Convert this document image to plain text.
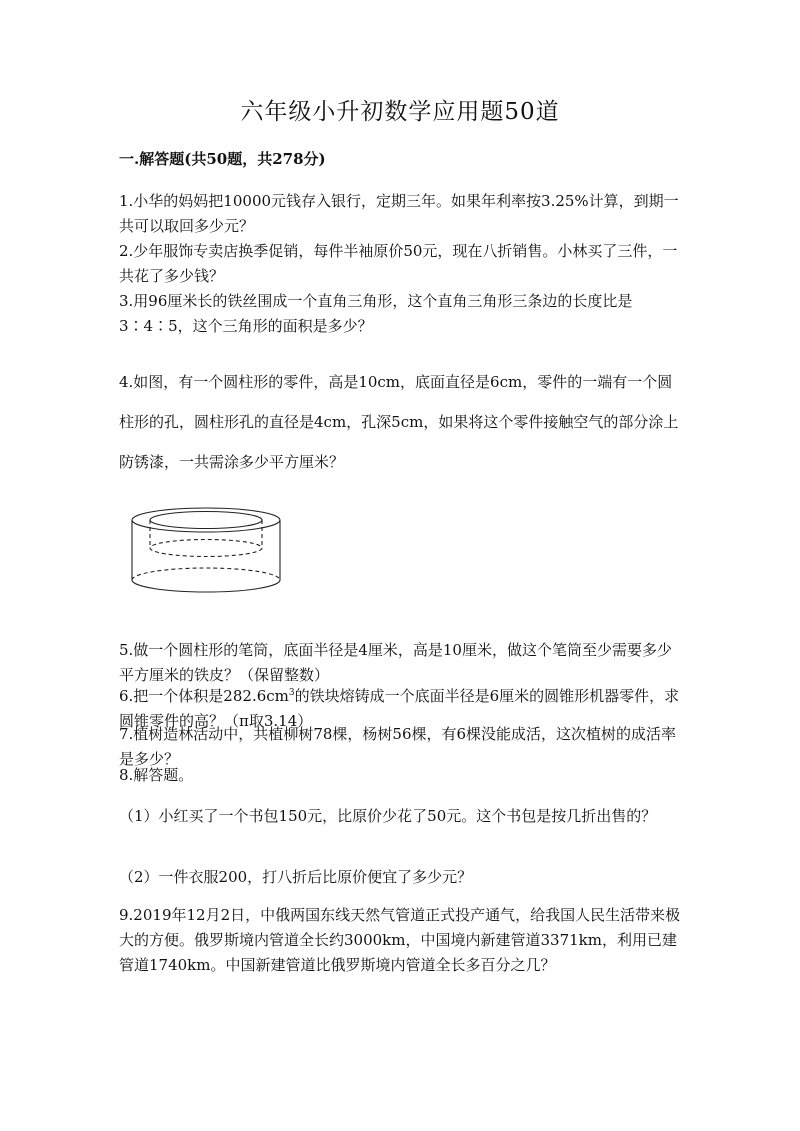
六年级小升初数学应用题50道
一.解答题(共50题，共278分)

1.小华的妈妈把10000元钱存入银行，定期三年。如果年利率按3.25%计算，到期一共可以取回多少元？

2.少年服饰专卖店换季促销，每件半袖原价50元，现在八折销售。小林买了三件，一共花了多少钱？

3.用96厘米长的铁丝围成一个直角三角形，这个直角三角形三条边的长度比是3∶4∶5，这个三角形的面积是多少？

4.如图，有一个圆柱形的零件，高是10cm，底面直径是6cm，零件的一端有一个圆柱形的孔，圆柱形孔的直径是4cm，孔深5cm，如果将这个零件接触空气的部分涂上防锈漆，一共需涂多少平方厘米？

5.做一个圆柱形的笔筒，底面半径是4厘米，高是10厘米，做这个笔筒至少需要多少平方厘米的铁皮？（保留整数）

6.把一个体积是$282.6cm^3$的铁块熔铸成一个底面半径是6厘米的圆锥形机器零件，求圆锥零件的高？（π取3.14）

7.植树造林活动中，共植柳树78棵，杨树56棵，有6棵没能成活，这次植树的成活率是多少？

8.解答题。

（1）小红买了一个书包150元，比原价少花了50元。这个书包是按几折出售的？

（2）一件衣服200，打八折后比原价便宜了多少元？

9.2019年12月2日，中俄两国东线天然气管道正式投产通气，给我国人民生活带来极大的方便。俄罗斯境内管道全长约3000km，中国境内新建管道3371km，利用已建管道1740km。中国新建管道比俄罗斯境内管道全长多百分之几？
